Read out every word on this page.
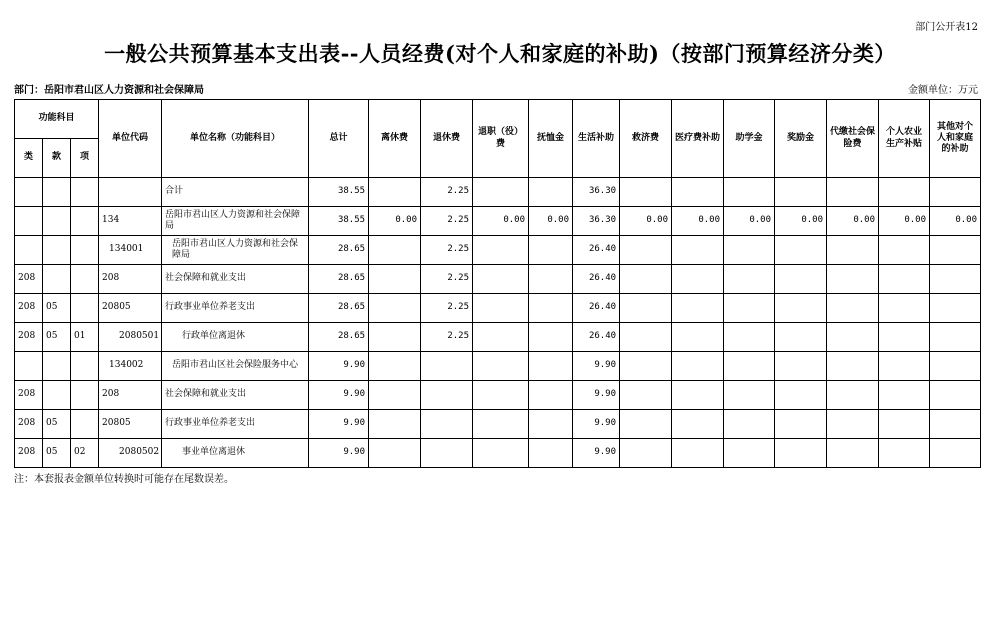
部门公开表12
一般公共预算基本支出表--人员经费(对个人和家庭的补助)（按部门预算经济分类）
部门：岳阳市君山区人力资源和社会保障局	金额单位：万元
功能科目			单位代码	单位名称（功能科目）	总计	离休费	退休费	退职（役）费	抚恤金	生活补助	救济费	医疗费补助	助学金	奖励金	代缴社会保险费	个人农业生产补贴	其他对个人和家庭的补助
类	款	项															
				合计	38.55		2.25			36.30							
			134	岳阳市君山区人力资源和社会保障局	38.55	0.00	2.25	0.00	0.00	36.30	0.00	0.00	0.00	0.00	0.00	0.00	0.00
			134001	岳阳市君山区人力资源和社会保障局	28.65		2.25			26.40							
208			208	社会保障和就业支出	28.65		2.25			26.40							
208	05		20805	行政事业单位养老支出	28.65		2.25			26.40							
208	05	01	2080501	行政单位离退休	28.65		2.25			26.40							
			134002	岳阳市君山区社会保险服务中心	9.90					9.90							
208			208	社会保障和就业支出	9.90					9.90							
208	05		20805	行政事业单位养老支出	9.90					9.90							
208	05	02	2080502	事业单位离退休	9.90					9.90							
注：本套报表金额单位转换时可能存在尾数误差。
